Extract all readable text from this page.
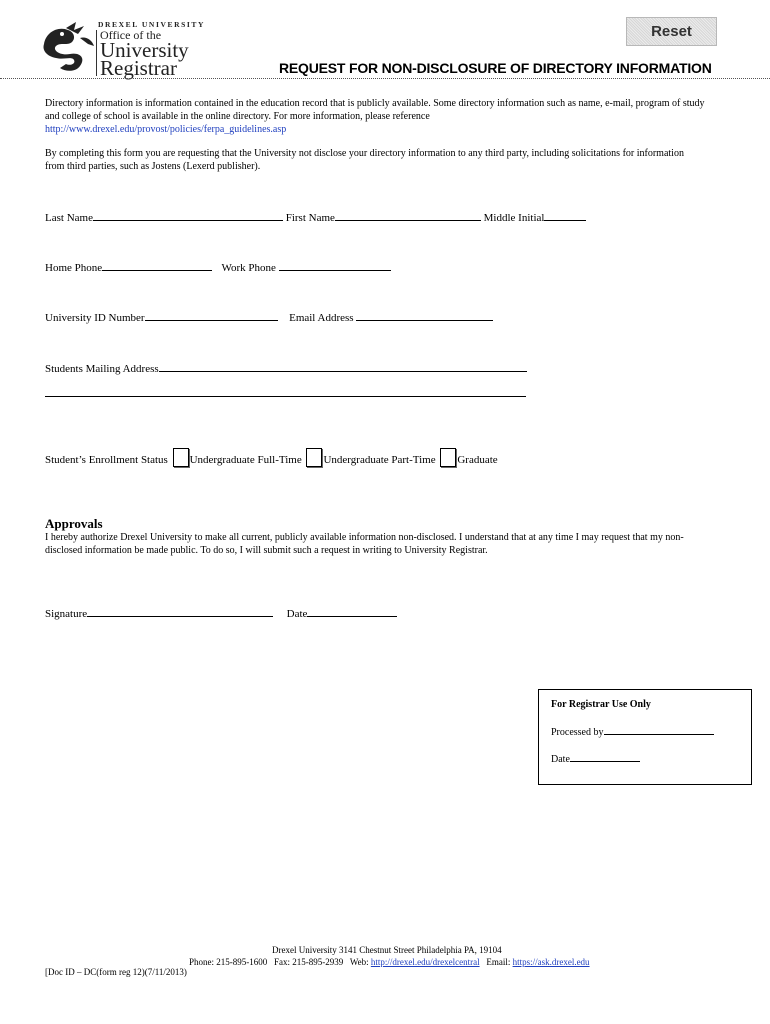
DREXEL UNIVERSITY
Office of the
University
Registrar
Reset
REQUEST FOR NON-DISCLOSURE OF DIRECTORY INFORMATION
Directory information is information contained in the education record that is publicly available. Some directory information such as name, e-mail, program of study and college of school is available in the online directory. For more information, please reference
http://www.drexel.edu/provost/policies/ferpa_guidelines.asp
By completing this form you are requesting that the University not disclose your directory information to any third party, including solicitations for information from third parties, such as Jostens (Lexerd publisher).
Last Name	First Name	Middle Initial
Home Phone	Work Phone
University ID Number	Email Address
Students Mailing Address
Student’s Enrollment Status Undergraduate Full-Time Undergraduate Part-Time Graduate
Approvals
I hereby authorize Drexel University to make all current, publicly available information non-disclosed. I understand that at any time I may request that my non-disclosed information be made public. To do so, I will submit such a request in writing to University Registrar.
Signature	Date
For Registrar Use Only
Processed by
Date
Drexel University 3141 Chestnut Street Philadelphia PA, 19104
Phone: 215-895-1600 Fax: 215-895-2939 Web: http://drexel.edu/drexelcentral Email: https://ask.drexel.edu
[Doc ID – DC(form reg 12)(7/11/2013)
